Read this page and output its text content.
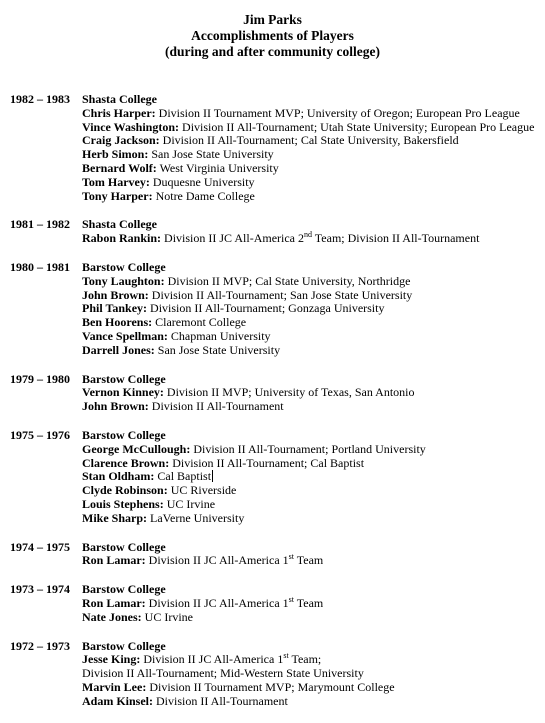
Jim Parks
Accomplishments of Players
(during and after community college)
1982 – 1983 Shasta College
Chris Harper: Division II Tournament MVP; University of Oregon; European Pro League
Vince Washington: Division II All-Tournament; Utah State University; European Pro League
Craig Jackson: Division II All-Tournament; Cal State University, Bakersfield
Herb Simon: San Jose State University
Bernard Wolf: West Virginia University
Tom Harvey: Duquesne University
Tony Harper: Notre Dame College
1981 – 1982 Shasta College
Rabon Rankin: Division II JC All-America 2nd Team; Division II All-Tournament
1980 – 1981 Barstow College
Tony Laughton: Division II MVP; Cal State University, Northridge
John Brown: Division II All-Tournament; San Jose State University
Phil Tankey: Division II All-Tournament; Gonzaga University
Ben Hoorens: Claremont College
Vance Spellman: Chapman University
Darrell Jones: San Jose State University
1979 – 1980 Barstow College
Vernon Kinney: Division II MVP; University of Texas, San Antonio
John Brown: Division II All-Tournament
1975 – 1976 Barstow College
George McCullough: Division II All-Tournament; Portland University
Clarence Brown: Division II All-Tournament; Cal Baptist
Stan Oldham: Cal Baptist
Clyde Robinson: UC Riverside
Louis Stephens: UC Irvine
Mike Sharp: LaVerne University
1974 – 1975 Barstow College
Ron Lamar: Division II JC All-America 1st Team
1973 – 1974 Barstow College
Ron Lamar: Division II JC All-America 1st Team
Nate Jones: UC Irvine
1972 – 1973 Barstow College
Jesse King: Division II JC All-America 1st Team;
Division II All-Tournament; Mid-Western State University
Marvin Lee: Division II Tournament MVP; Marymount College
Adam Kinsel: Division II All-Tournament
